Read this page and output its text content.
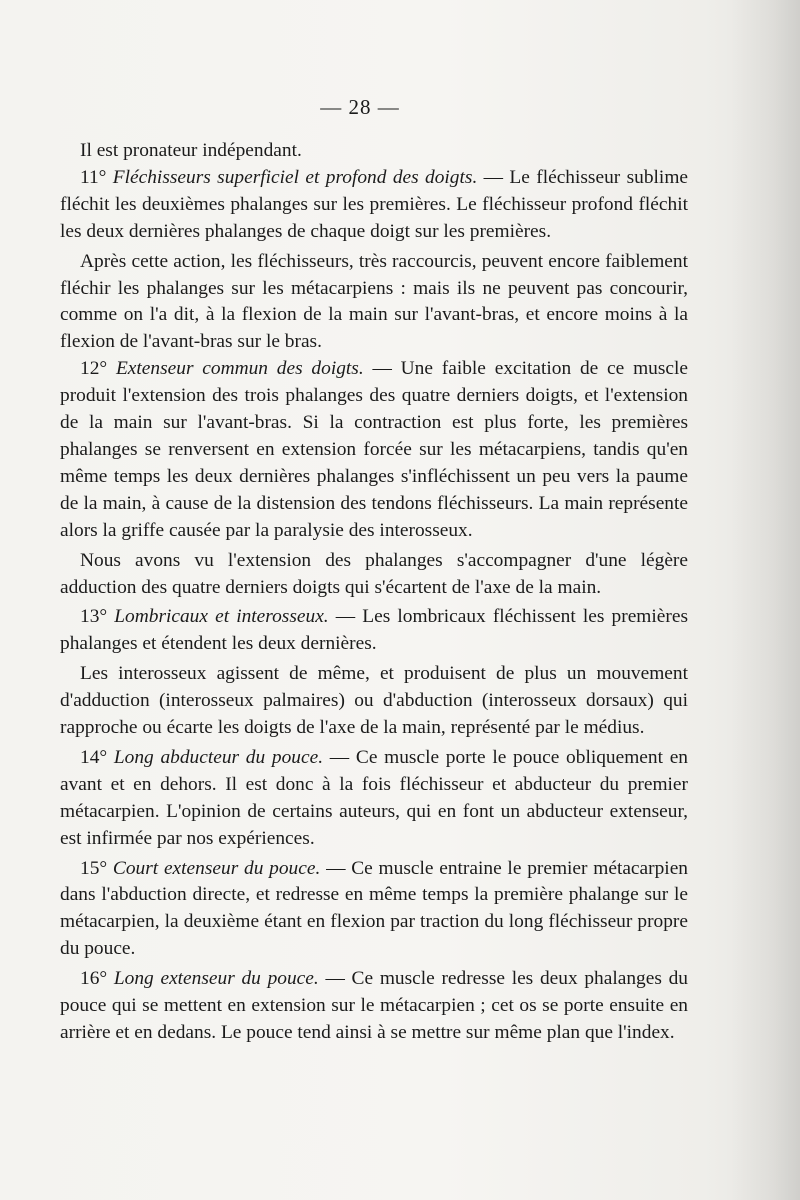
— 28 —

Il est pronateur indépendant.

11° Fléchisseurs superficiel et profond des doigts. — Le fléchisseur sublime fléchit les deuxièmes phalanges sur les premières. Le fléchisseur profond fléchit les deux dernières phalanges de chaque doigt sur les premières.

Après cette action, les fléchisseurs, très raccourcis, peuvent encore faiblement fléchir les phalanges sur les métacarpiens : mais ils ne peuvent pas concourir, comme on l'a dit, à la flexion de la main sur l'avant-bras, et encore moins à la flexion de l'avant-bras sur le bras.

12° Extenseur commun des doigts. — Une faible excitation de ce muscle produit l'extension des trois phalanges des quatre derniers doigts, et l'extension de la main sur l'avant-bras. Si la contraction est plus forte, les premières phalanges se renversent en extension forcée sur les métacarpiens, tandis qu'en même temps les deux dernières phalanges s'infléchissent un peu vers la paume de la main, à cause de la distension des tendons fléchisseurs. La main représente alors la griffe causée par la paralysie des interosseux.

Nous avons vu l'extension des phalanges s'accompagner d'une légère adduction des quatre derniers doigts qui s'écartent de l'axe de la main.

13° Lombricaux et interosseux. — Les lombricaux fléchissent les premières phalanges et étendent les deux dernières.

Les interosseux agissent de même, et produisent de plus un mouvement d'adduction (interosseux palmaires) ou d'abduction (interosseux dorsaux) qui rapproche ou écarte les doigts de l'axe de la main, représenté par le médius.

14° Long abducteur du pouce. — Ce muscle porte le pouce obliquement en avant et en dehors. Il est donc à la fois fléchisseur et abducteur du premier métacarpien. L'opinion de certains auteurs, qui en font un abducteur extenseur, est infirmée par nos expériences.

15° Court extenseur du pouce. — Ce muscle entraine le premier métacarpien dans l'abduction directe, et redresse en même temps la première phalange sur le métacarpien, la deuxième étant en flexion par traction du long fléchisseur propre du pouce.

16° Long extenseur du pouce. — Ce muscle redresse les deux phalanges du pouce qui se mettent en extension sur le métacarpien ; cet os se porte ensuite en arrière et en dedans. Le pouce tend ainsi à se mettre sur même plan que l'index.
